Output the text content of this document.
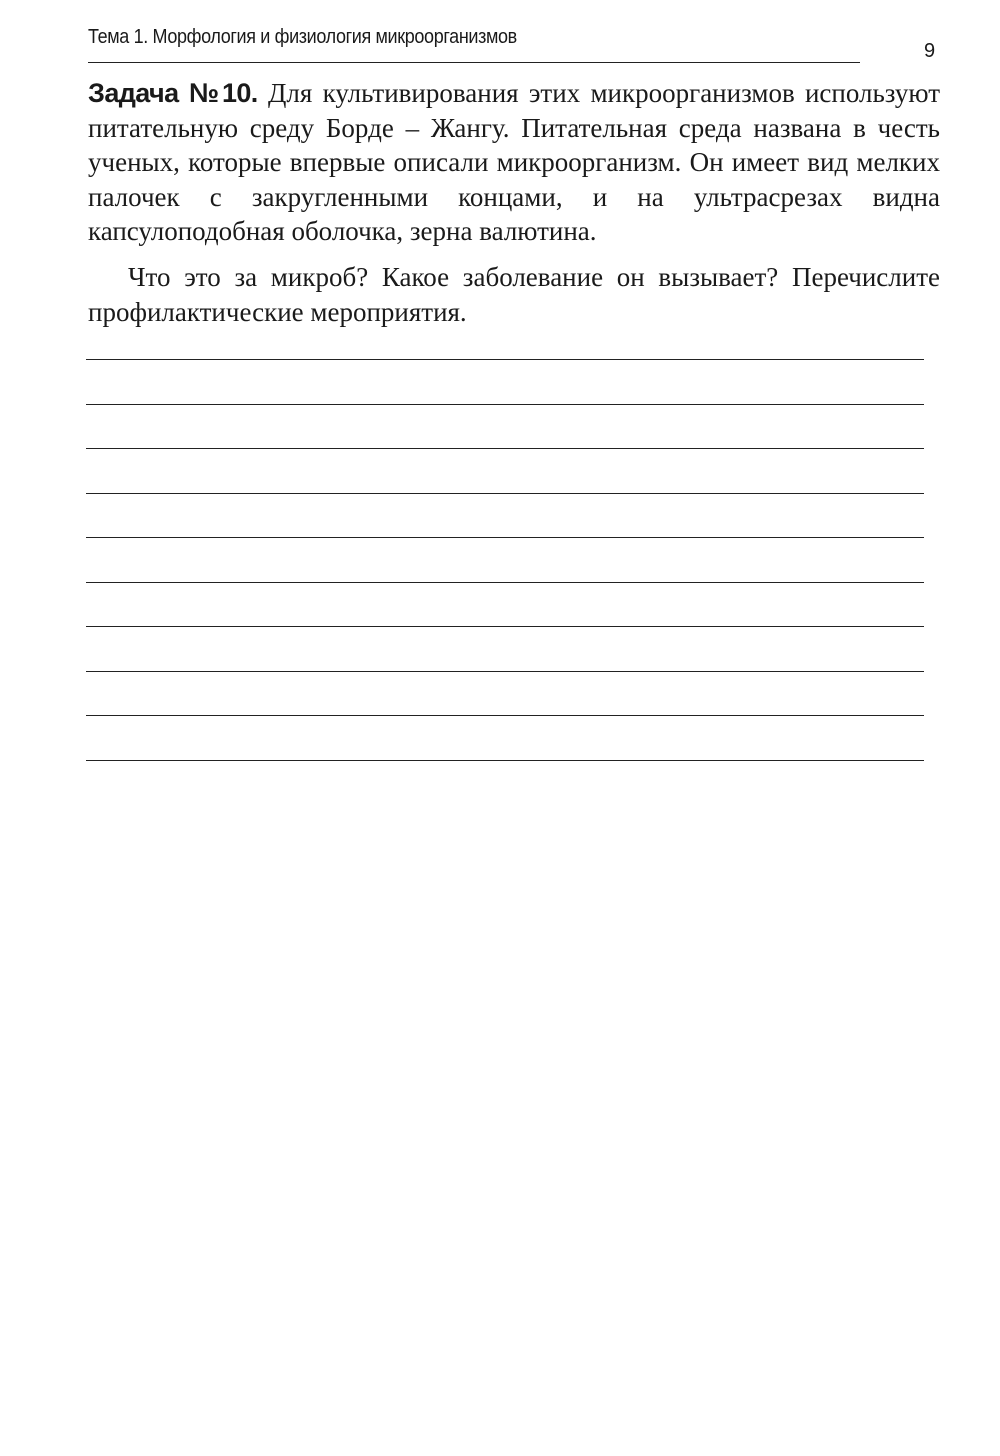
Тема 1. Морфология и физиология микроорганизмов
9

Задача №10. Для культивирования этих микроорганизмов используют питательную среду Борде – Жангу. Питательная среда названа в честь ученых, которые впервые описали микроорганизм. Он имеет вид мелких палочек с закругленными концами, и на ультрасрезах видна капсулоподобная оболочка, зерна валютина.

Что это за микроб? Какое заболевание он вызывает? Перечислите профилактические мероприятия.
